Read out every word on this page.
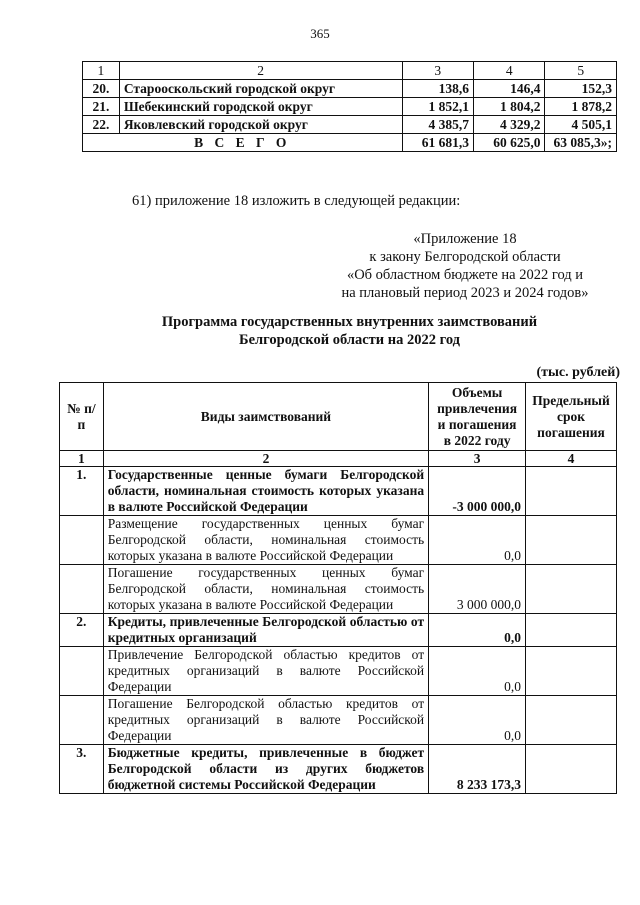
365
1	2	3	4	5
20.	Старооскольский городской округ	138,6	146,4	152,3
21.	Шебекинский городской округ	1 852,1	1 804,2	1 878,2
22.	Яковлевский городской округ	4 385,7	4 329,2	4 505,1
В С Е Г О		61 681,3	60 625,0	63 085,3»;
61) приложение 18 изложить в следующей редакции:
«Приложение 18
к закону Белгородской области
«Об областном бюджете на 2022 год и
на плановый период 2023 и 2024 годов»
Программа государственных внутренних заимствований
Белгородской области на 2022 год
(тыс. рублей)
№ п/п	Виды заимствований	Объемы привлечения и погашения в 2022 году	Предельный срок погашения
1	2	3	4
1.	Государственные ценные бумаги Белгородской области, номинальная стоимость которых указана в валюте Российской Федерации	-3 000 000,0	
	Размещение государственных ценных бумаг Белгородской области, номинальная стоимость которых указана в валюте Российской Федерации	0,0	
	Погашение государственных ценных бумаг Белгородской области, номинальная стоимость которых указана в валюте Российской Федерации	3 000 000,0	
2.	Кредиты, привлеченные Белгородской областью от кредитных организаций	0,0	
	Привлечение Белгородской областью кредитов от кредитных организаций в валюте Российской Федерации	0,0	
	Погашение Белгородской областью кредитов от кредитных организаций в валюте Российской Федерации	0,0	
3.	Бюджетные кредиты, привлеченные в бюджет Белгородской области из других бюджетов бюджетной системы Российской Федерации	8 233 173,3	
